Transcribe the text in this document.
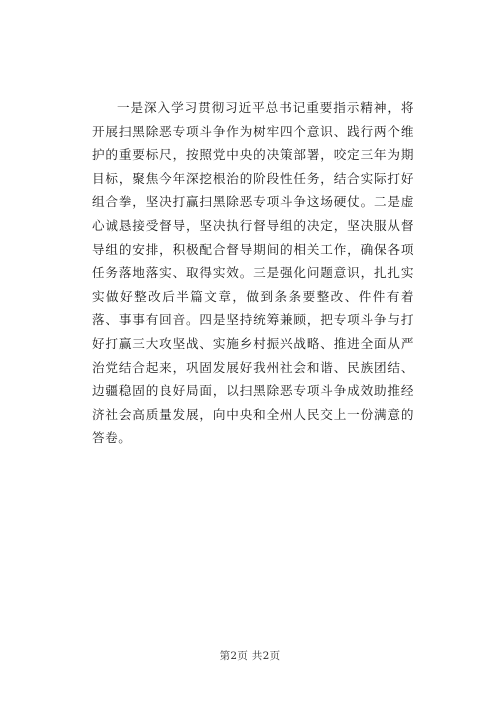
一是深入学习贯彻习近平总书记重要指示精神，将开展扫黑除恶专项斗争作为树牢四个意识、践行两个维护的重要标尺，按照党中央的决策部署，咬定三年为期目标，聚焦今年深挖根治的阶段性任务，结合实际打好组合拳，坚决打赢扫黑除恶专项斗争这场硬仗。二是虚心诚恳接受督导，坚决执行督导组的决定，坚决服从督导组的安排，积极配合督导期间的相关工作，确保各项任务落地落实、取得实效。三是强化问题意识，扎扎实实做好整改后半篇文章，做到条条要整改、件件有着落、事事有回音。四是坚持统筹兼顾，把专项斗争与打好打赢三大攻坚战、实施乡村振兴战略、推进全面从严治党结合起来，巩固发展好我州社会和谐、民族团结、边疆稳固的良好局面，以扫黑除恶专项斗争成效助推经济社会高质量发展，向中央和全州人民交上一份满意的答卷。

第2页 共2页
